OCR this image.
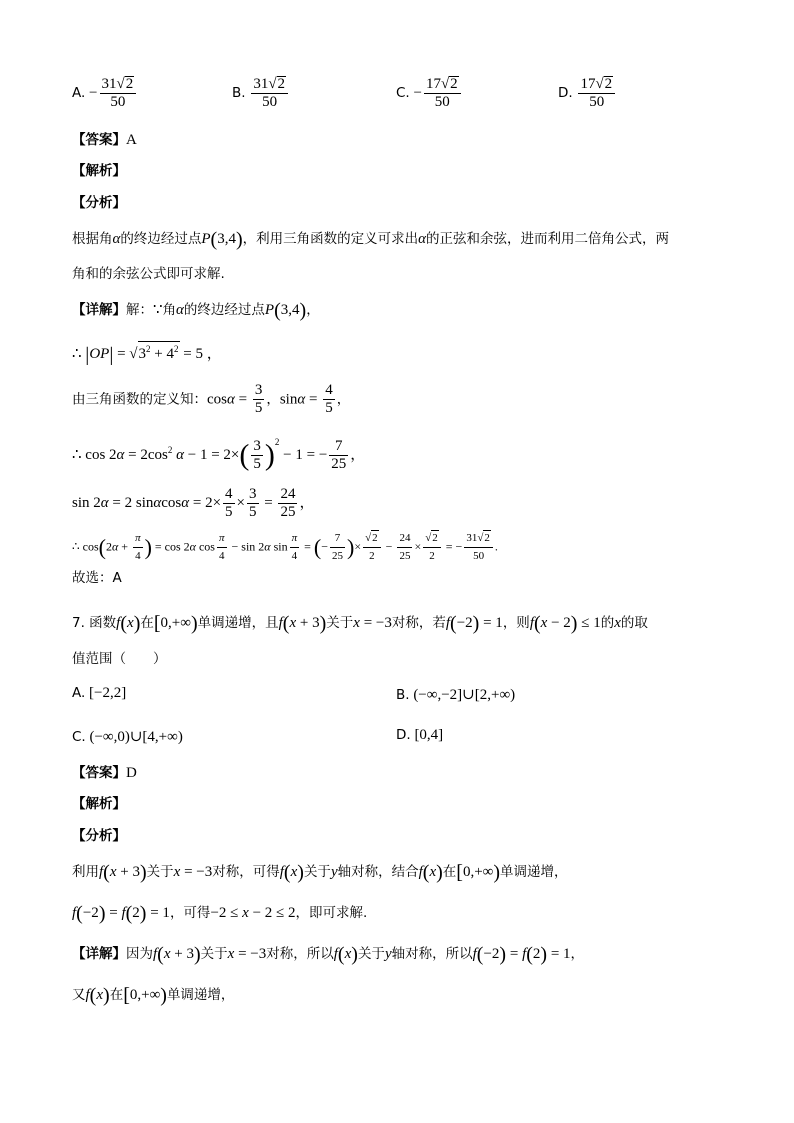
A. − $\frac{31√2}{50}$	B. $\frac{31√2}{50}$	C. − $\frac{17√2}{50}$	D. $\frac{17√2}{50}$
【答案】A
【解析】
【分析】
根据角α的终边经过点P(3,4)，利用三角函数的定义可求出α的正弦和余弦，进而利用二倍角公式，两
角和的余弦公式即可求解.
【详解】解：∵角α的终边经过点P(3,4)，
∴ $|OP| = √3^2 + 4^2 = 5$ ，
由三角函数的定义知：$\cos\alpha = \frac{3}{5}$ ，$\sin\alpha = \frac{4}{5}$ ，
∴ $\cos 2\alpha = 2\cos^2$ $\alpha - 1 = 2\times( \frac{3}{5} )^2 - 1$ = − $\frac{7}{25}$ ，
sin 2α = 2 $\sin\alpha\cos\alpha = 2\times \frac{4}{5} \times \frac{3}{5} = \frac{24}{25}$ ，
∴ $\cos(2\alpha + \frac{\pi}{4}$ ) = cos 2α $\cos \frac{\pi}{4} - \sin 2\alpha$ $\sin \frac{\pi}{4}$ = (− $\frac{7}{25}$ )× $\frac{√2}{2} - \frac{24}{25} \times \frac{√2}{2}$ = − $\frac{31√2}{50}$ .
故选：A
7. 函数f(x)在[0,+∞)单调递增，且f(x + 3)关于x = −3对称，若f(−2) = 1，则f(x − 2) ≤ 1的x的取
值范围（　　）
A. [−2,2]	B. (−∞,−2]∪[2,+∞)
C. (−∞,0)∪[4,+∞)	D. [0,4]
【答案】D
【解析】
【分析】
利用f(x + 3)关于x = −3对称，可得f(x)关于y轴对称，结合f(x)在[0,+∞)单调递增，
f(−2) = f(2) = 1，可得−2 ≤ x − 2 ≤ 2，即可求解.
【详解】因为f(x + 3)关于x = −3对称，所以f(x)关于y轴对称，所以f(−2) = f(2) = 1，
又f(x)在[0,+∞)单调递增，
